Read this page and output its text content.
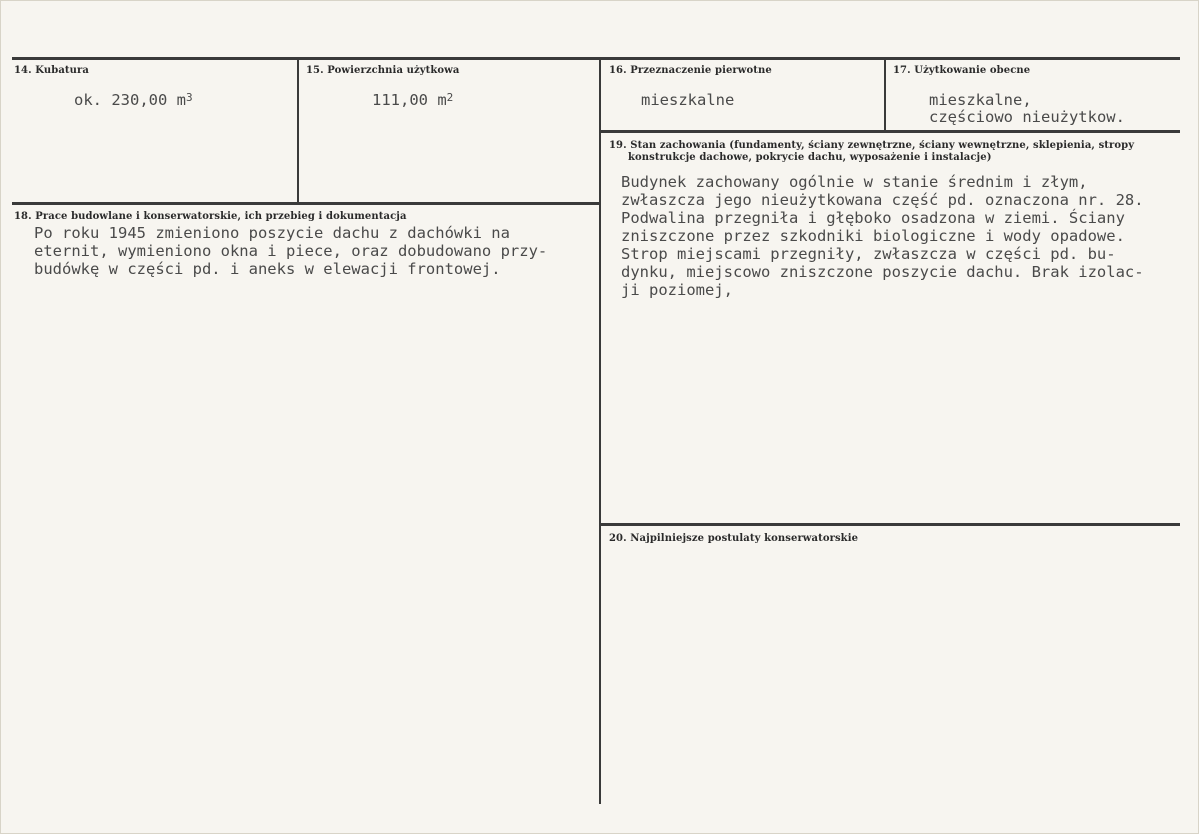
14. Kubatura
ok. 230,00 $m^3$
15. Powierzchnia użytkowa
111,00 $m^2$
16. Przeznaczenie pierwotne
mieszkalne
17. Użytkowanie obecne
mieszkalne,
częściowo nieużytkow.
19. Stan zachowania (fundamenty, ściany zewnętrzne, ściany wewnętrzne, sklepienia, stropy
konstrukcje dachowe, pokrycie dachu, wyposażenie i instalacje)
Budynek zachowany ogólnie w stanie średnim i złym,
zwłaszcza jego nieużytkowana część pd. oznaczona nr. 28.
Podwalina przegniła i głęboko osadzona w ziemi. Ściany
zniszczone przez szkodniki biologiczne i wody opadowe.
Strop miejscami przegniły, zwłaszcza w części pd. bu-
dynku, miejscowo zniszczone poszycie dachu. Brak izolac-
ji poziomej,
18. Prace budowlane i konserwatorskie, ich przebieg i dokumentacja
Po roku 1945 zmieniono poszycie dachu z dachówki na
eternit, wymieniono okna i piece, oraz dobudowano przy-
budówkę w części pd. i aneks w elewacji frontowej.
20. Najpilniejsze postulaty konserwatorskie
